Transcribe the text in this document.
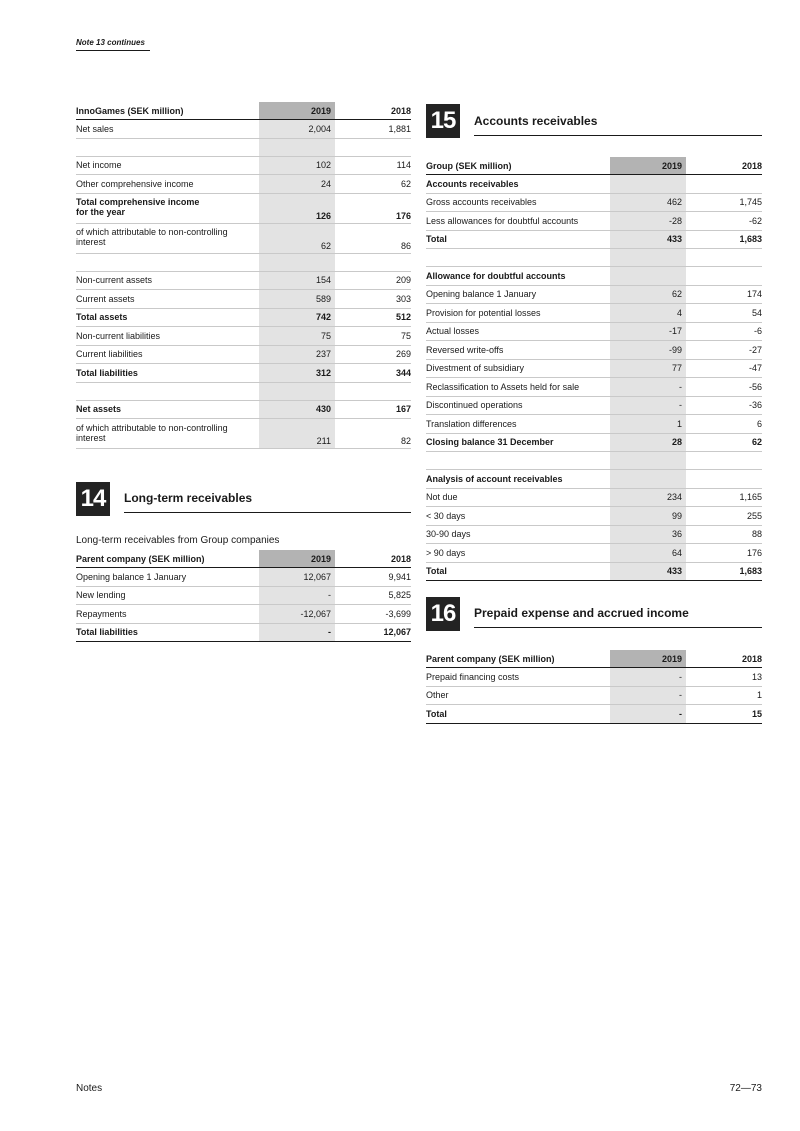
Note 13 continues
InnoGames (SEK million)	2019	2018
Net sales	2,004	1,881

Net income	102	114
Other comprehensive income	24	62
Total comprehensive income
for the year	126	176
of which attributable to non-controlling interest	62	86

Non-current assets	154	209
Current assets	589	303
Total assets	742	512
Non-current liabilities	75	75
Current liabilities	237	269
Total liabilities	312	344

Net assets	430	167
of which attributable to non-controlling interest	211	82
14	Long-term receivables
Long-term receivables from Group companies
Parent company (SEK million)	2019	2018
Opening balance 1 January	12,067	9,941
New lending	-	5,825
Repayments	-12,067	-3,699
Total liabilities	-	12,067
15	Accounts receivables
Group (SEK million)	2019	2018
Accounts receivables		
Gross accounts receivables	462	1,745
Less allowances for doubtful accounts	-28	-62
Total	433	1,683

Allowance for doubtful accounts		
Opening balance 1 January	62	174
Provision for potential losses	4	54
Actual losses	-17	-6
Reversed write-offs	-99	-27
Divestment of subsidiary	77	-47
Reclassification to Assets held for sale	-	-56
Discontinued operations	-	-36
Translation differences	1	6
Closing balance 31 December	28	62

Analysis of account receivables		
Not due	234	1,165
< 30 days	99	255
30-90 days	36	88
> 90 days	64	176
Total	433	1,683
16	Prepaid expense and accrued income
Parent company (SEK million)	2019	2018
Prepaid financing costs	-	13
Other	-	1
Total	-	15
Notes	72—73
